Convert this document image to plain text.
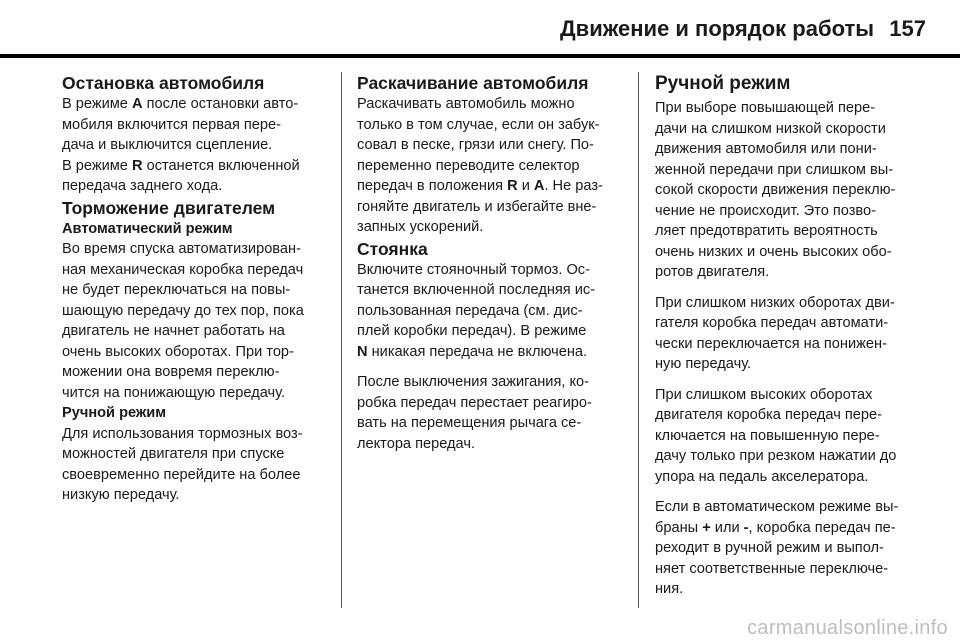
Движение и порядок работы 157

Остановка автомобиля

В режиме A после остановки авто-

мобиля включится первая пере-

дача и выключится сцепление.

В режиме R останется включенной

передача заднего хода.

Торможение двигателем

Автоматический режим

Во время спуска автоматизирован-

ная механическая коробка передач

не будет переключаться на повы-

шающую передачу до тех пор, пока

двигатель не начнет работать на

очень высоких оборотах. При тор-

можении она вовремя переклю-

чится на понижающую передачу.

Ручной режим

Для использования тормозных воз-

можностей двигателя при спуске

своевременно перейдите на более

низкую передачу.

Раскачивание автомобиля

Раскачивать автомобиль можно

только в том случае, если он забук-

совал в песке, грязи или снегу. По-

переменно переводите селектор

передач в положения R и A. Не раз-

гоняйте двигатель и избегайте вне-

запных ускорений.

Стоянка

Включите стояночный тормоз. Ос-

танется включенной последняя ис-

пользованная передача (см. дис-

плей коробки передач). В режиме

N никакая передача не включена.

После выключения зажигания, ко-

робка передач перестает реагиро-

вать на перемещения рычага се-

лектора передач.

Ручной режим

При выборе повышающей пере-

дачи на слишком низкой скорости

движения автомобиля или пони-

женной передачи при слишком вы-

сокой скорости движения переклю-

чение не происходит. Это позво-

ляет предотвратить вероятность

очень низких и очень высоких обо-

ротов двигателя.

При слишком низких оборотах дви-

гателя коробка передач автомати-

чески переключается на понижен-

ную передачу.

При слишком высоких оборотах

двигателя коробка передач пере-

ключается на повышенную пере-

дачу только при резком нажатии до

упора на педаль акселератора.

Если в автоматическом режиме вы-

браны + или -, коробка передач пе-

реходит в ручной режим и выпол-

няет соответственные переключе-

ния.

carmanualsonline.info
